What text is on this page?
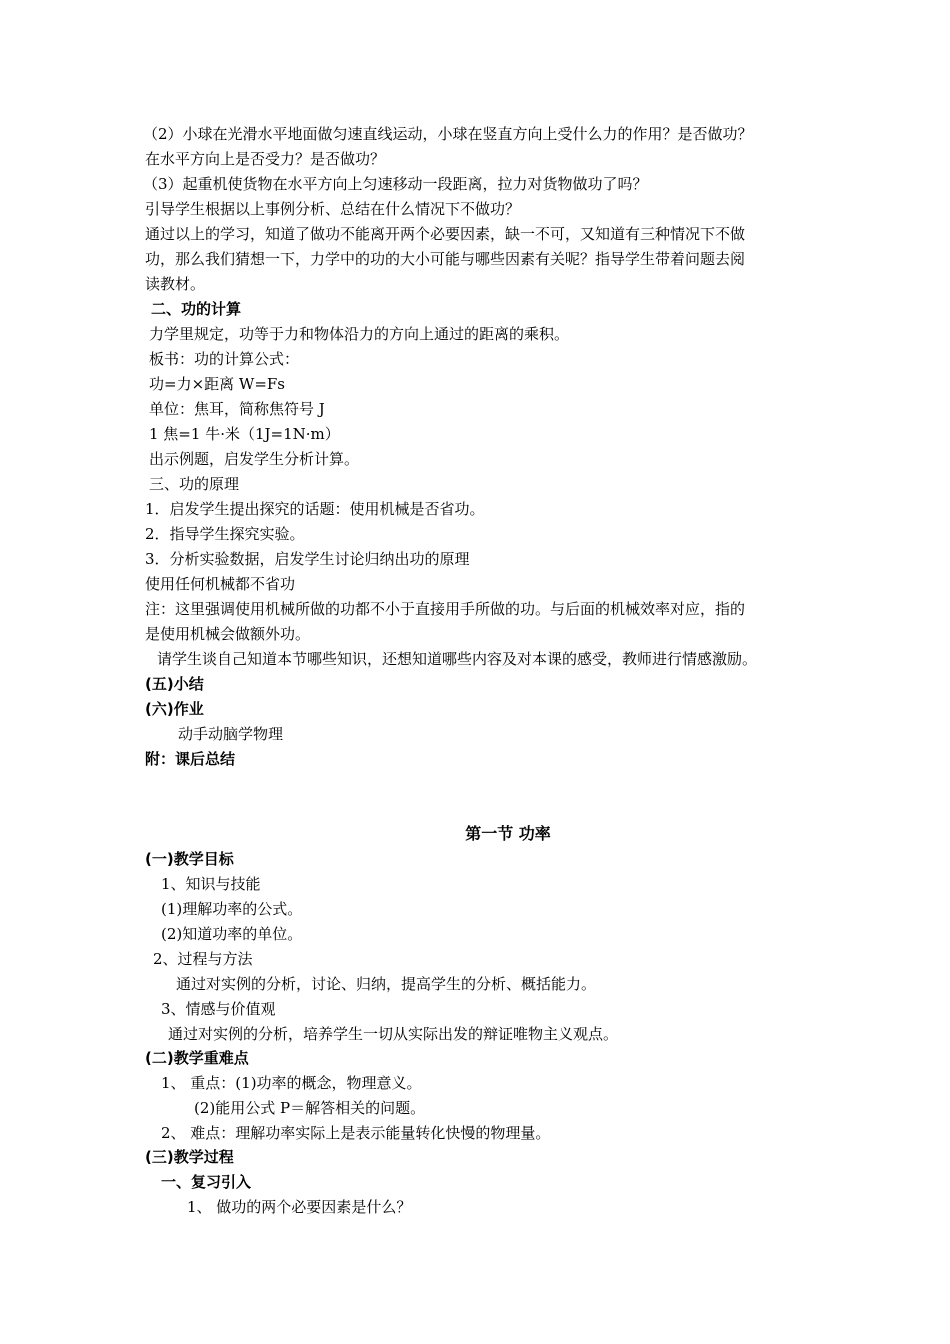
（2）小球在光滑水平地面做匀速直线运动，小球在竖直方向上受什么力的作用？是否做功？
在水平方向上是否受力？是否做功？
（3）起重机使货物在水平方向上匀速移动一段距离，拉力对货物做功了吗？
引导学生根据以上事例分析、总结在什么情况下不做功？
通过以上的学习，知道了做功不能离开两个必要因素，缺一不可，又知道有三种情况下不做
功，那么我们猜想一下，力学中的功的大小可能与哪些因素有关呢？指导学生带着问题去阅
读教材。
二、功的计算
力学里规定，功等于力和物体沿力的方向上通过的距离的乘积。
板书：功的计算公式：
功=力×距离 W=Fs
单位：焦耳，简称焦符号 J
1 焦=1 牛·米（1J=1N·m）
出示例题，启发学生分析计算。
三、功的原理
1．启发学生提出探究的话题：使用机械是否省功。
2．指导学生探究实验。
3．分析实验数据，启发学生讨论归纳出功的原理
使用任何机械都不省功
注：这里强调使用机械所做的功都不小于直接用手所做的功。与后面的机械效率对应，指的
是使用机械会做额外功。
请学生谈自己知道本节哪些知识，还想知道哪些内容及对本课的感受，教师进行情感激励。
(五)小结
(六)作业
动手动脑学物理
附：课后总结
第一节 功率
(一)教学目标
1、知识与技能
(1)理解功率的公式。
(2)知道功率的单位。
2、过程与方法
通过对实例的分析，讨论、归纳，提高学生的分析、概括能力。
3、情感与价值观
通过对实例的分析，培养学生一切从实际出发的辩证唯物主义观点。
(二)教学重难点
1、 重点：(1)功率的概念，物理意义。
(2)能用公式 P＝解答相关的问题。
2、 难点：理解功率实际上是表示能量转化快慢的物理量。
(三)教学过程
一、复习引入
1、 做功的两个必要因素是什么？
